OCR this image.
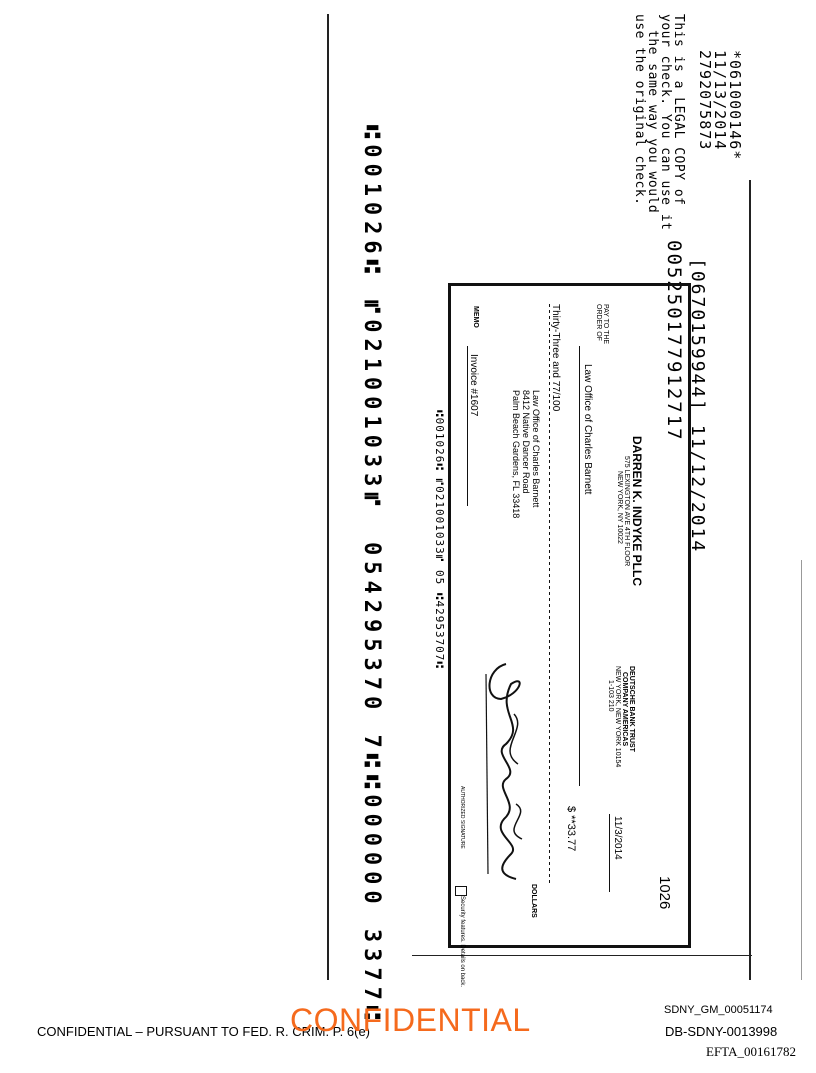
*061000146*
11/13/2014
2792075873
This is a LEGAL COPY of
your check. You can use it
the same way you would
use the original check.
005250177912717 [0670159944] 11/12/2014
1026
DARREN K. INDYKE PLLC
575 LEXINGTON AVE 4TH FLOOR
NEW YORK, NY 10022
DEUTSCHE BANK TRUST
COMPANY AMERICAS
NEW YORK, NEW YORK 10154
1-103 210
11/3/2014
PAY TO THE
ORDER OF
Law Office of Charles Barnett
$ **33.77
Thirty-Three and 77/100
DOLLARS
Law Office of Charles Barnett
8412 Native Dancer Road
Palm Beach Gardens, FL 33418
MEMO
Invoice #1607
AUTHORIZED SIGNATURE
Security features. Details on back.
⑆001026⑆ ⑈021001033⑈ 05 ⑆42953707⑆
⑆001026⑆
⑈021001033⑈
054295370 7⑆
⑆000000 3377⑆	SDNY_GM_00051174
CONFIDENTIAL – PURSUANT TO FED. R. CRIM. P. 6(e)
CONFIDENTIAL	DB-SDNY-0013998
EFTA_00161782
